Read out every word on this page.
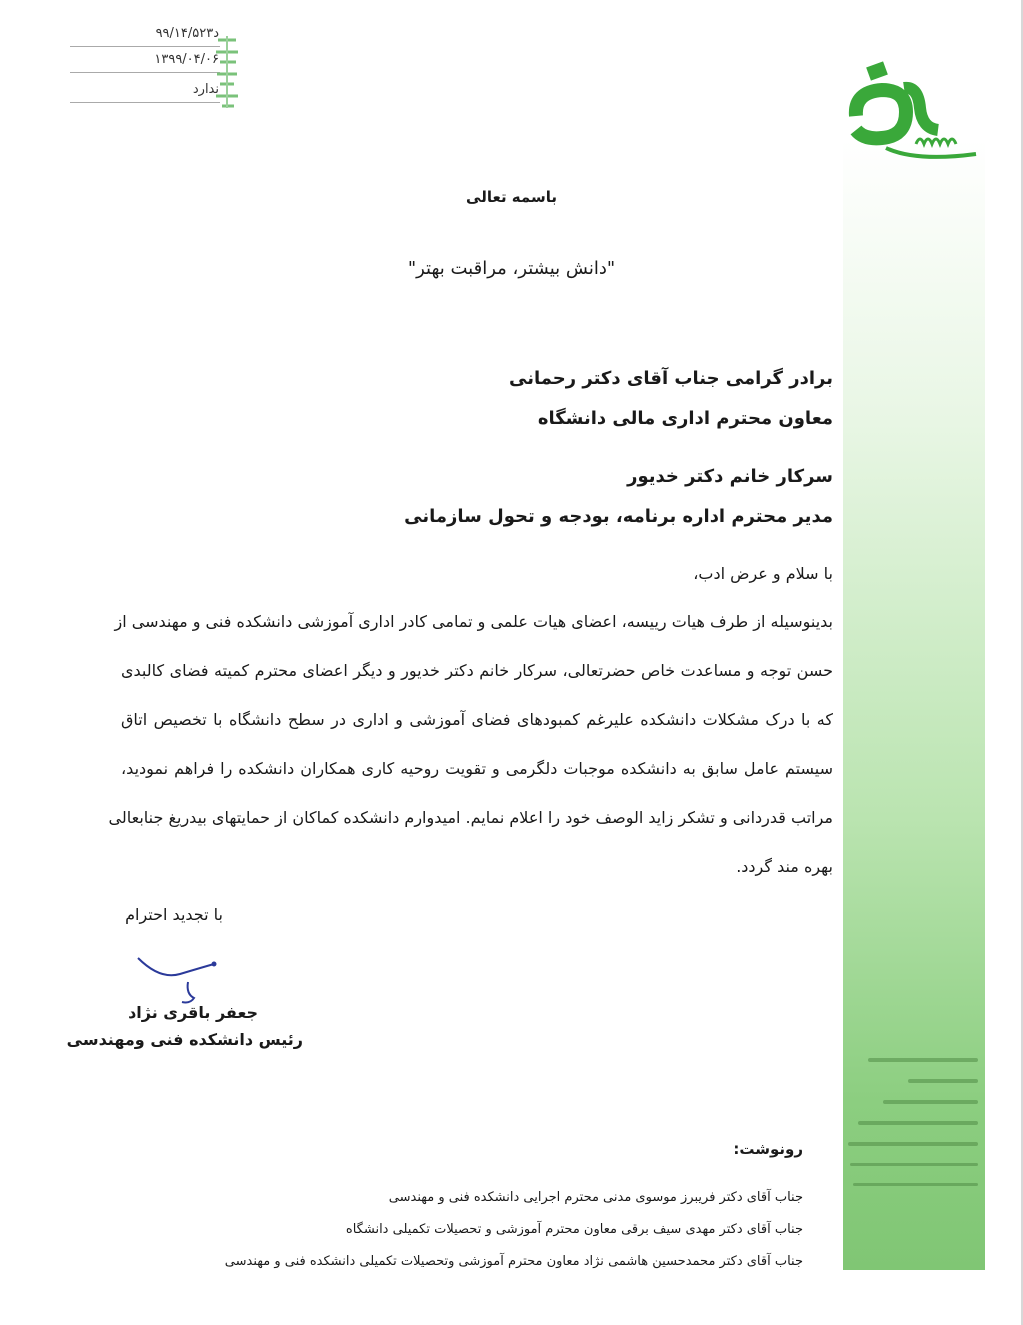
د۹۹/۱۴/۵۲۳
۱۳۹۹/۰۴/۰۶
ندارد
باسمه تعالی
"دانش بیشتر، مراقبت بهتر"
برادر گرامی جناب آقای دکتر رحمانی
معاون محترم اداری مالی دانشگاه
سرکار خانم دکتر خدیور
مدیر محترم اداره برنامه، بودجه و تحول سازمانی
با سلام و عرض ادب،
بدینوسیله از طرف هیات رییسه، اعضای هیات علمی و تمامی کادر اداری آموزشی دانشکده فنی و مهندسی از
حسن توجه و مساعدت خاص حضرتعالی، سرکار خانم دکتر خدیور و دیگر اعضای محترم کمیته فضای کالبدی
که با درک مشکلات دانشکده علیرغم کمبودهای فضای آموزشی و اداری در سطح دانشگاه با تخصیص اتاق
سیستم عامل سابق به دانشکده موجبات دلگرمی و تقویت روحیه کاری همکاران دانشکده را فراهم نمودید،
مراتب قدردانی و تشکر زاید الوصف خود را اعلام نمایم. امیدوارم دانشکده کماکان از حمایتهای بیدریغ جنابعالی
بهره مند گردد.
با تجدید احترام
جعفر باقری نژاد
رئیس دانشکده فنی ومهندسی
رونوشت:
جناب آقای دکتر فریبرز موسوی مدنی محترم اجرایی دانشکده فنی و مهندسی
جناب آقای دکتر مهدی سیف برقی معاون محترم آموزشی و تحصیلات تکمیلی دانشگاه
جناب آقای دکتر محمدحسین هاشمی نژاد معاون محترم آموزشی وتحصیلات تکمیلی دانشکده فنی و مهندسی
